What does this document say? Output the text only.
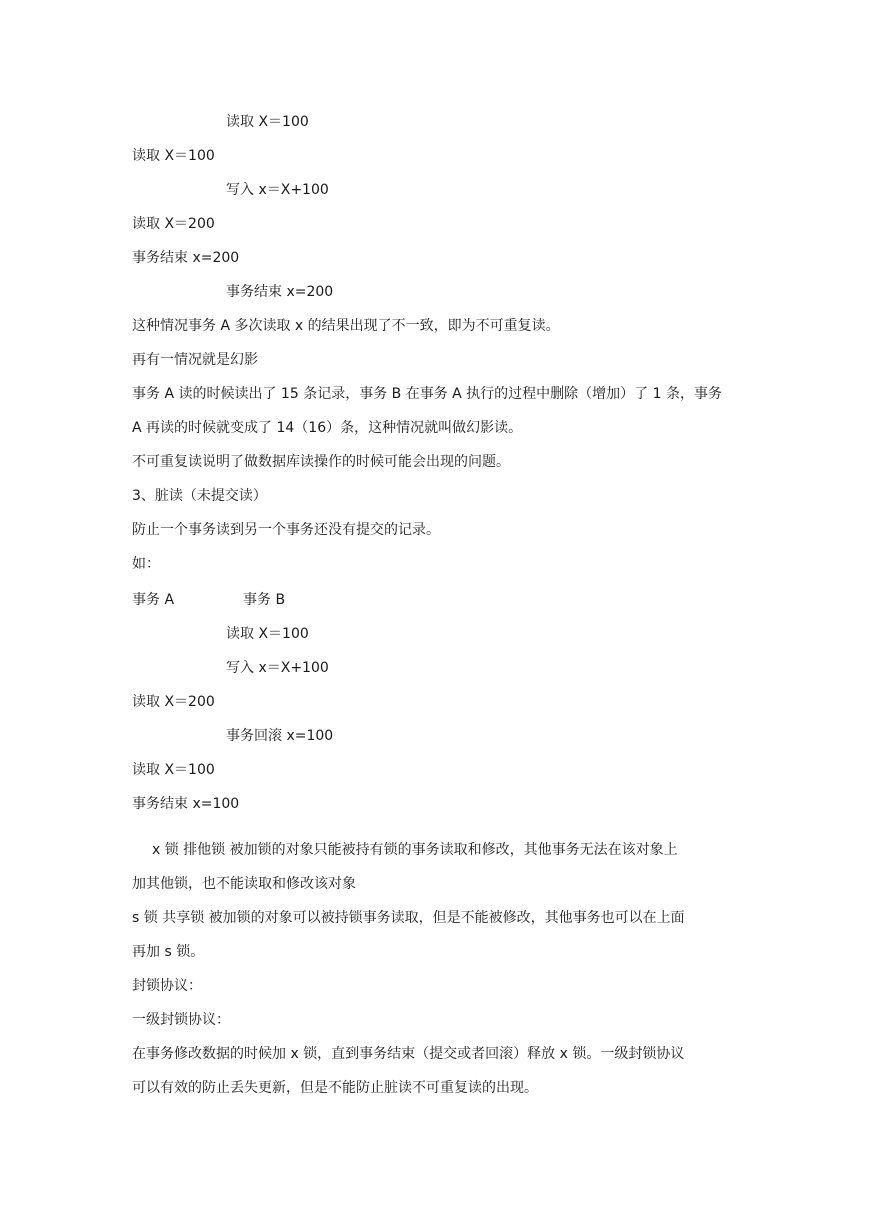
读取 X＝100
读取 X＝100
写入 x＝X+100
读取 X＝200
事务结束 x=200
事务结束 x=200
这种情况事务 A 多次读取 x 的结果出现了不一致，即为不可重复读。
再有一情况就是幻影
事务 A 读的时候读出了 15 条记录，事务 B 在事务 A 执行的过程中删除（增加）了 1 条，事务
A 再读的时候就变成了 14（16）条，这种情况就叫做幻影读。
不可重复读说明了做数据库读操作的时候可能会出现的问题。
3、脏读（未提交读）
防止一个事务读到另一个事务还没有提交的记录。
如：
事务 A	事务 B
读取 X＝100
写入 x＝X+100
读取 X＝200
事务回滚 x=100
读取 X＝100
事务结束 x=100
x 锁 排他锁 被加锁的对象只能被持有锁的事务读取和修改，其他事务无法在该对象上
加其他锁，也不能读取和修改该对象
s 锁 共享锁 被加锁的对象可以被持锁事务读取，但是不能被修改，其他事务也可以在上面
再加 s 锁。
封锁协议：
一级封锁协议：
在事务修改数据的时候加 x 锁，直到事务结束（提交或者回滚）释放 x 锁。一级封锁协议
可以有效的防止丢失更新，但是不能防止脏读不可重复读的出现。
